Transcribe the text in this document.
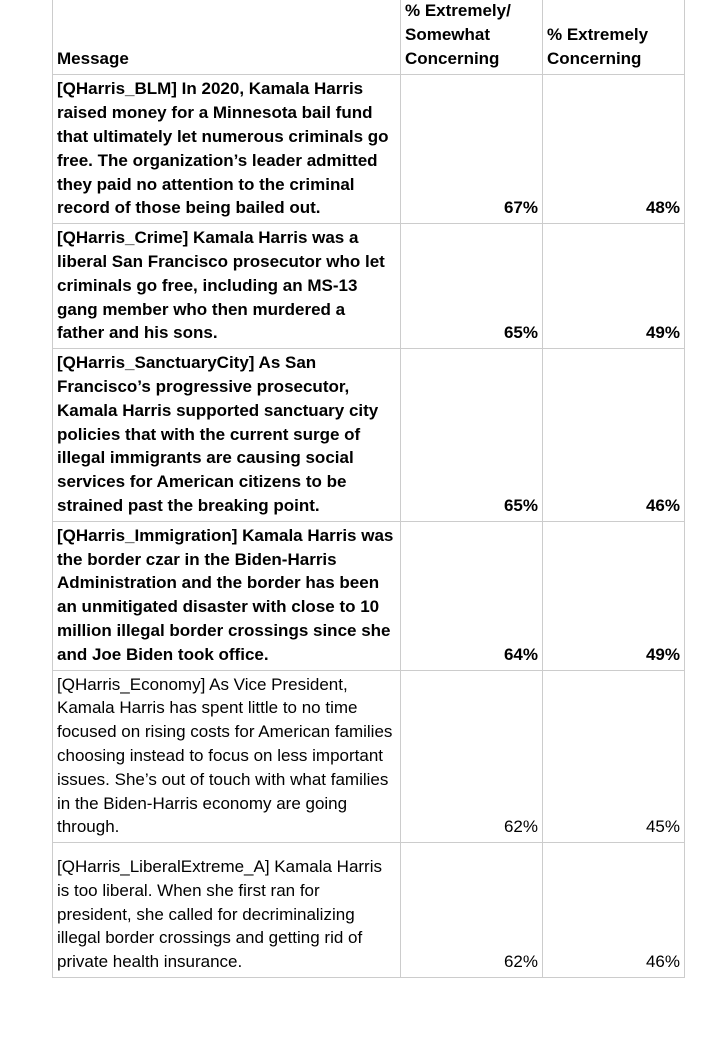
Message	% Extremely/ Somewhat Concerning	% Extremely Concerning
[QHarris_BLM] In 2020, Kamala Harris raised money for a Minnesota bail fund that ultimately let numerous criminals go free. The organization’s leader admitted they paid no attention to the criminal record of those being bailed out.	67%	48%
[QHarris_Crime] Kamala Harris was a liberal San Francisco prosecutor who let criminals go free, including an MS-13 gang member who then murdered a father and his sons.	65%	49%
[QHarris_SanctuaryCity] As San Francisco’s progressive prosecutor, Kamala Harris supported sanctuary city policies that with the current surge of illegal immigrants are causing social services for American citizens to be strained past the breaking point.	65%	46%
[QHarris_Immigration] Kamala Harris was the border czar in the Biden-Harris Administration and the border has been an unmitigated disaster with close to 10 million illegal border crossings since she and Joe Biden took office.	64%	49%
[QHarris_Economy] As Vice President, Kamala Harris has spent little to no time focused on rising costs for American families choosing instead to focus on less important issues. She’s out of touch with what families in the Biden-Harris economy are going through.	62%	45%
[QHarris_LiberalExtreme_A] Kamala Harris is too liberal. When she first ran for president, she called for decriminalizing illegal border crossings and getting rid of private health insurance.	62%	46%
